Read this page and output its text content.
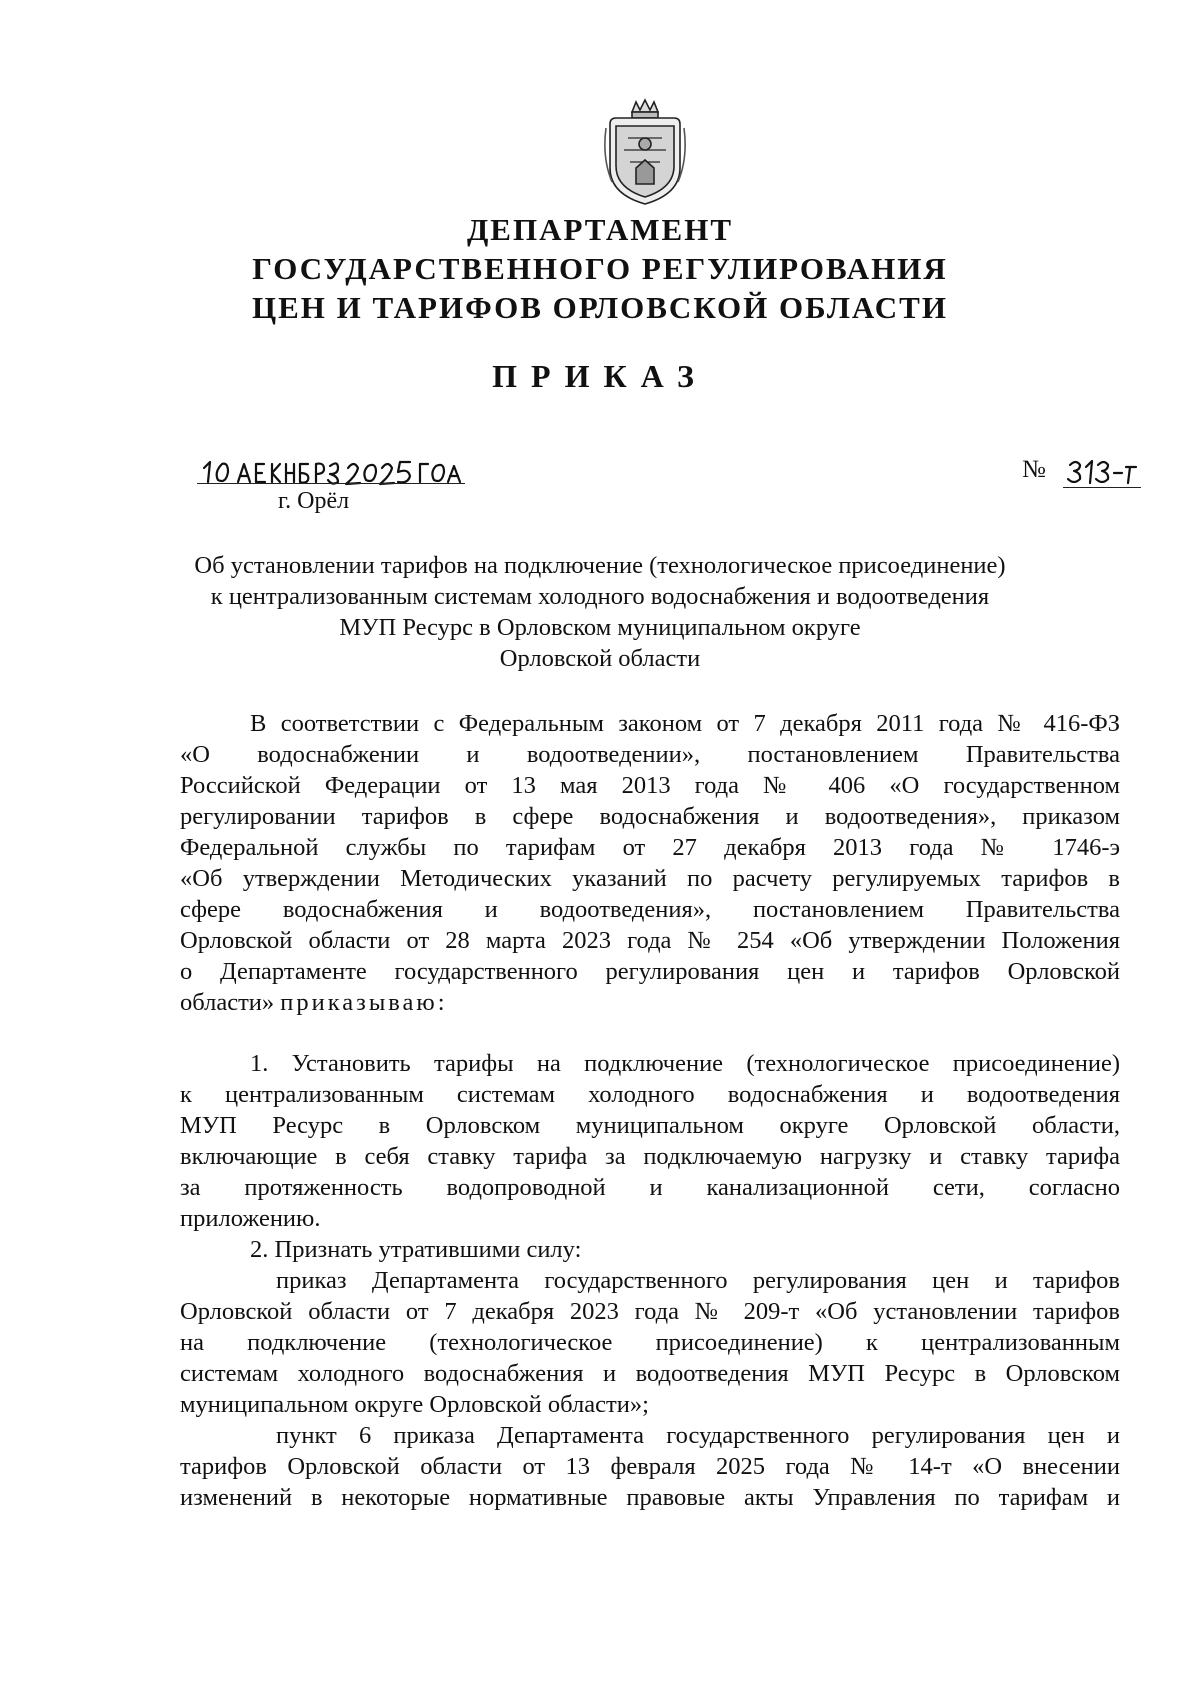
ДЕПАРТАМЕНТ
ГОСУДАРСТВЕННОГО РЕГУЛИРОВАНИЯ
ЦЕН И ТАРИФОВ ОРЛОВСКОЙ ОБЛАСТИ
ПРИКАЗ
г. Орёл
№
Об установлении тарифов на подключение (технологическое присоединение)
к централизованным системам холодного водоснабжения и водоотведения
МУП Ресурс в Орловском муниципальном округе
Орловской области
В соответствии с Федеральным законом от 7 декабря 2011 года № 416-ФЗ
«О водоснабжении и водоотведении», постановлением Правительства
Российской Федерации от 13 мая 2013 года № 406 «О государственном
регулировании тарифов в сфере водоснабжения и водоотведения», приказом
Федеральной службы по тарифам от 27 декабря 2013 года № 1746-э
«Об утверждении Методических указаний по расчету регулируемых тарифов в
сфере водоснабжения и водоотведения», постановлением Правительства
Орловской области от 28 марта 2023 года № 254 «Об утверждении Положения
о Департаменте государственного регулирования цен и тарифов Орловской
области» приказываю:
1. Установить тарифы на подключение (технологическое присоединение)
к централизованным системам холодного водоснабжения и водоотведения
МУП Ресурс в Орловском муниципальном округе Орловской области,
включающие в себя ставку тарифа за подключаемую нагрузку и ставку тарифа
за протяженность водопроводной и канализационной сети, согласно
приложению.
2. Признать утратившими силу:
приказ Департамента государственного регулирования цен и тарифов
Орловской области от 7 декабря 2023 года № 209-т «Об установлении тарифов
на подключение (технологическое присоединение) к централизованным
системам холодного водоснабжения и водоотведения МУП Ресурс в Орловском
муниципальном округе Орловской области»;
пункт 6 приказа Департамента государственного регулирования цен и
тарифов Орловской области от 13 февраля 2025 года № 14-т «О внесении
изменений в некоторые нормативные правовые акты Управления по тарифам и
